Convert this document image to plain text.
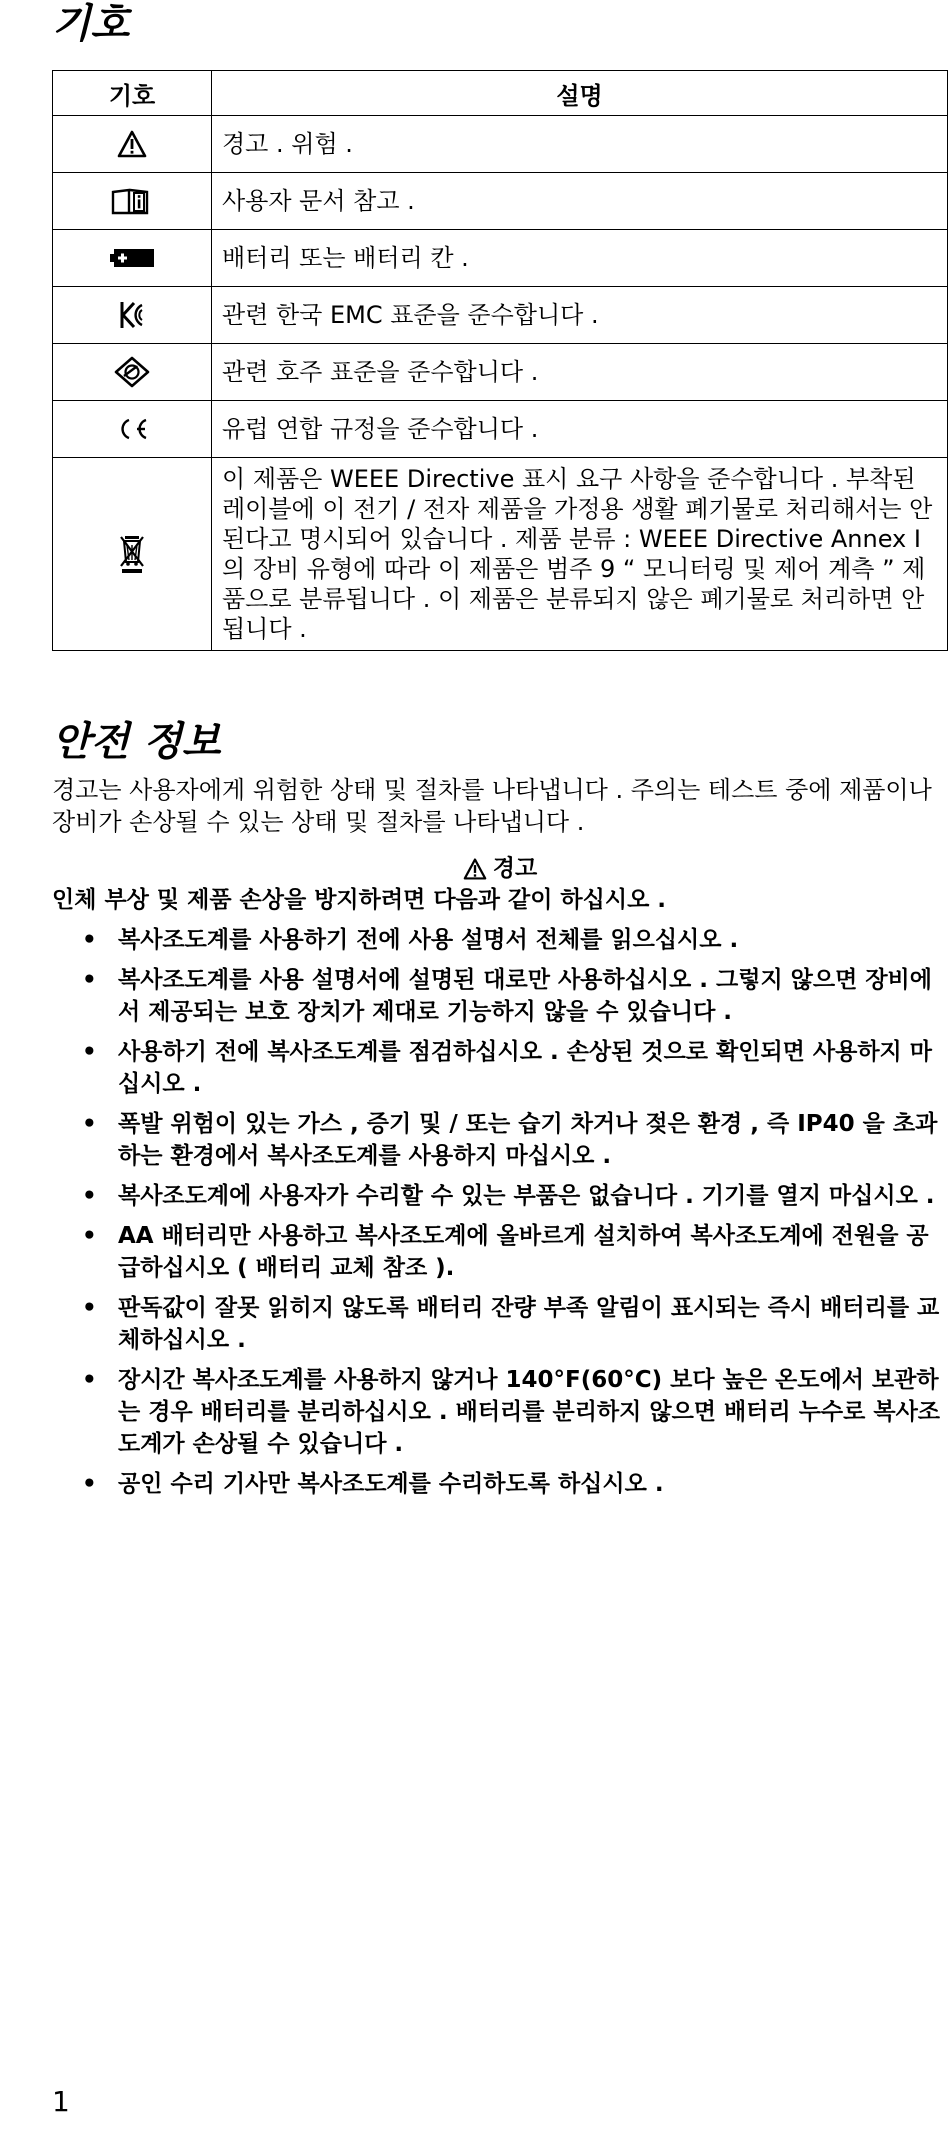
기호
기호	설명
	경고 . 위험 .
	사용자 문서 참고 .
	배터리 또는 배터리 칸 .
	관련 한국 EMC 표준을 준수합니다 .
	관련 호주 표준을 준수합니다 .
	유럽 연합 규정을 준수합니다 .
	이 제품은 WEEE Directive 표시 요구 사항을 준수합니다 . 부착된 레이블에 이 전기 / 전자 제품을 가정용 생활 폐기물로 처리해서는 안 된다고 명시되어 있습니다 . 제품 분류 : WEEE Directive Annex I 의 장비 유형에 따라 이 제품은 범주 9 “ 모니터링 및 제어 계측 ” 제품으로 분류됩니다 . 이 제품은 분류되지 않은 폐기물로 처리하면 안 됩니다 .
안전 정보

경고는 사용자에게 위험한 상태 및 절차를 나타냅니다 . 주의는 테스트 중에 제품이나 장비가 손상될 수 있는 상태 및 절차를 나타냅니다 .

경고

인체 부상 및 제품 손상을 방지하려면 다음과 같이 하십시오 .

• 복사조도계를 사용하기 전에 사용 설명서 전체를 읽으십시오 .
• 복사조도계를 사용 설명서에 설명된 대로만 사용하십시오 . 그렇지 않으면 장비에서 제공되는 보호 장치가 제대로 기능하지 않을 수 있습니다 .
• 사용하기 전에 복사조도계를 점검하십시오 . 손상된 것으로 확인되면 사용하지 마십시오 .
• 폭발 위험이 있는 가스 , 증기 및 / 또는 습기 차거나 젖은 환경 , 즉 IP40 을 초과하는 환경에서 복사조도계를 사용하지 마십시오 .
• 복사조도계에 사용자가 수리할 수 있는 부품은 없습니다 . 기기를 열지 마십시오 .
• AA 배터리만 사용하고 복사조도계에 올바르게 설치하여 복사조도계에 전원을 공급하십시오 ( 배터리 교체 참조 ).
• 판독값이 잘못 읽히지 않도록 배터리 잔량 부족 알림이 표시되는 즉시 배터리를 교체하십시오 .
• 장시간 복사조도계를 사용하지 않거나 140°F(60°C) 보다 높은 온도에서 보관하는 경우 배터리를 분리하십시오 . 배터리를 분리하지 않으면 배터리 누수로 복사조도계가 손상될 수 있습니다 .
• 공인 수리 기사만 복사조도계를 수리하도록 하십시오 .
1
